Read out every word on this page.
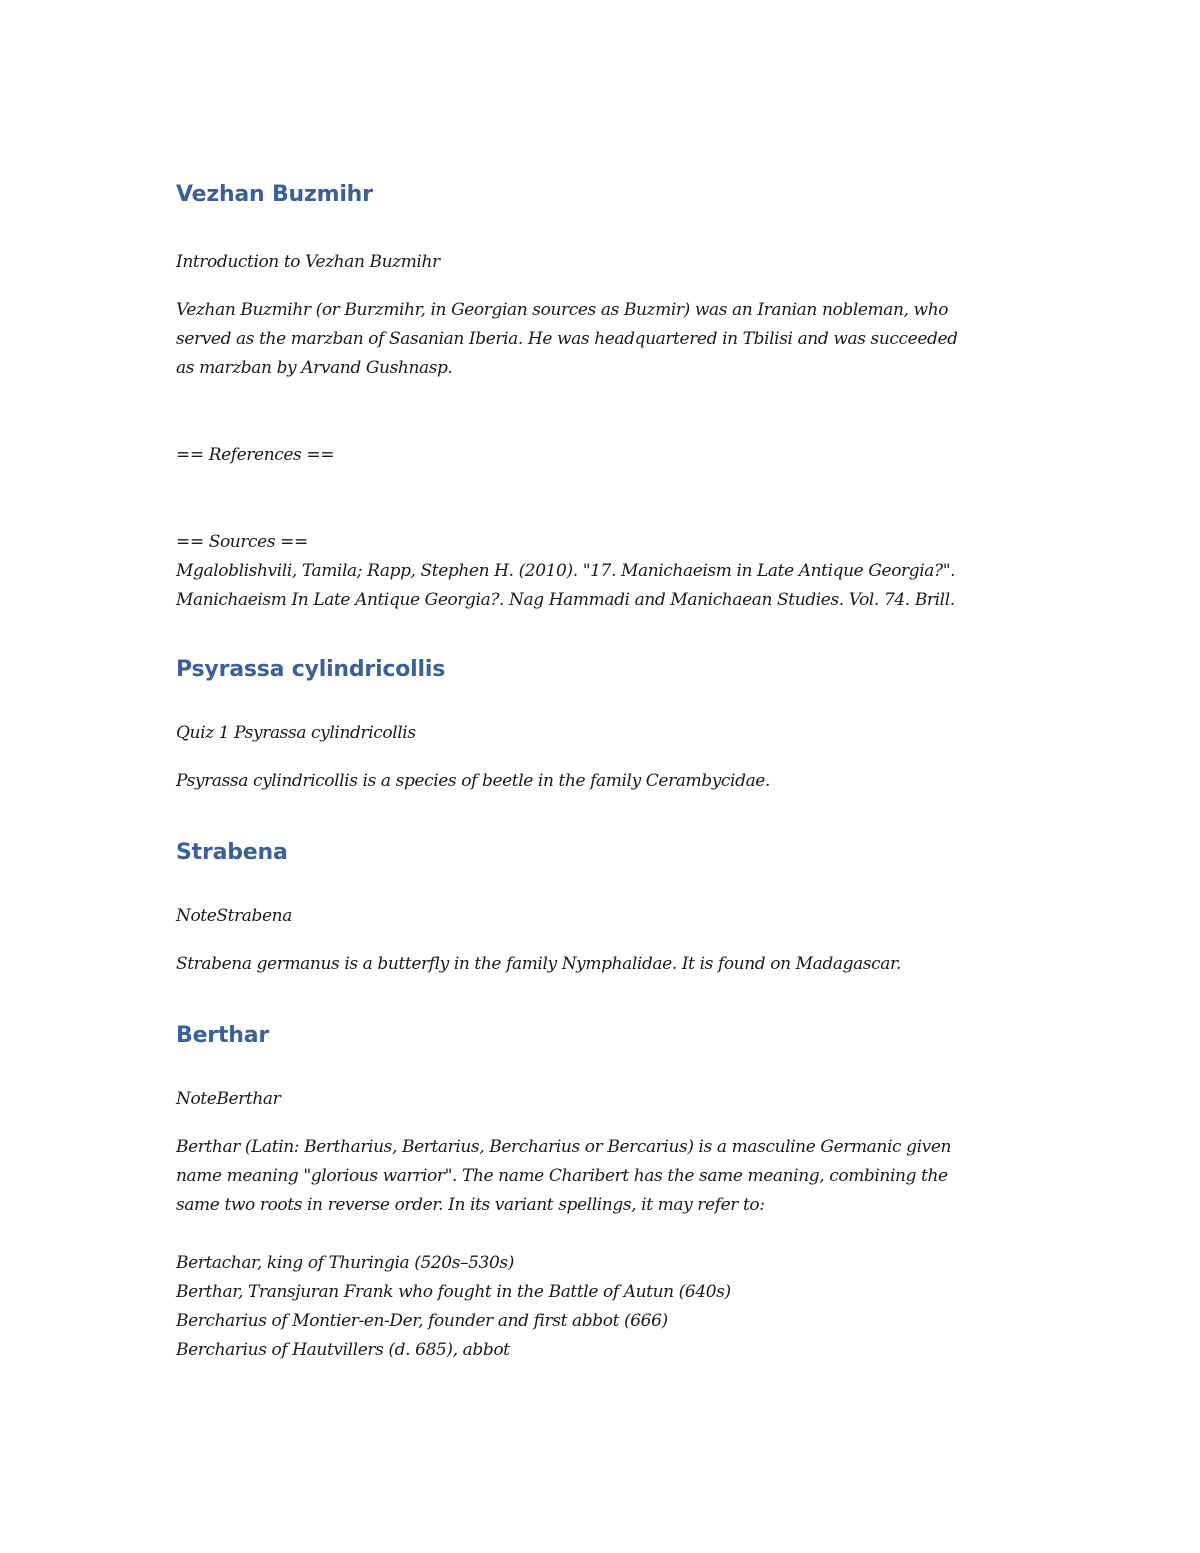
Vezhan Buzmihr

Introduction to Vezhan Buzmihr

Vezhan Buzmihr (or Burzmihr, in Georgian sources as Buzmir) was an Iranian nobleman, who

served as the marzban of Sasanian Iberia. He was headquartered in Tbilisi and was succeeded

as marzban by Arvand Gushnasp.

== References ==

== Sources ==

Mgaloblishvili, Tamila; Rapp, Stephen H. (2010). "17. Manichaeism in Late Antique Georgia?".

Manichaeism In Late Antique Georgia?. Nag Hammadi and Manichaean Studies. Vol. 74. Brill.

Psyrassa cylindricollis

Quiz 1 Psyrassa cylindricollis

Psyrassa cylindricollis is a species of beetle in the family Cerambycidae.

Strabena

NoteStrabena

Strabena germanus is a butterfly in the family Nymphalidae. It is found on Madagascar.

Berthar

NoteBerthar

Berthar (Latin: Bertharius, Bertarius, Bercharius or Bercarius) is a masculine Germanic given

name meaning "glorious warrior". The name Charibert has the same meaning, combining the

same two roots in reverse order. In its variant spellings, it may refer to:

Bertachar, king of Thuringia (520s–530s)

Berthar, Transjuran Frank who fought in the Battle of Autun (640s)

Bercharius of Montier-en-Der, founder and first abbot (666)

Bercharius of Hautvillers (d. 685), abbot
